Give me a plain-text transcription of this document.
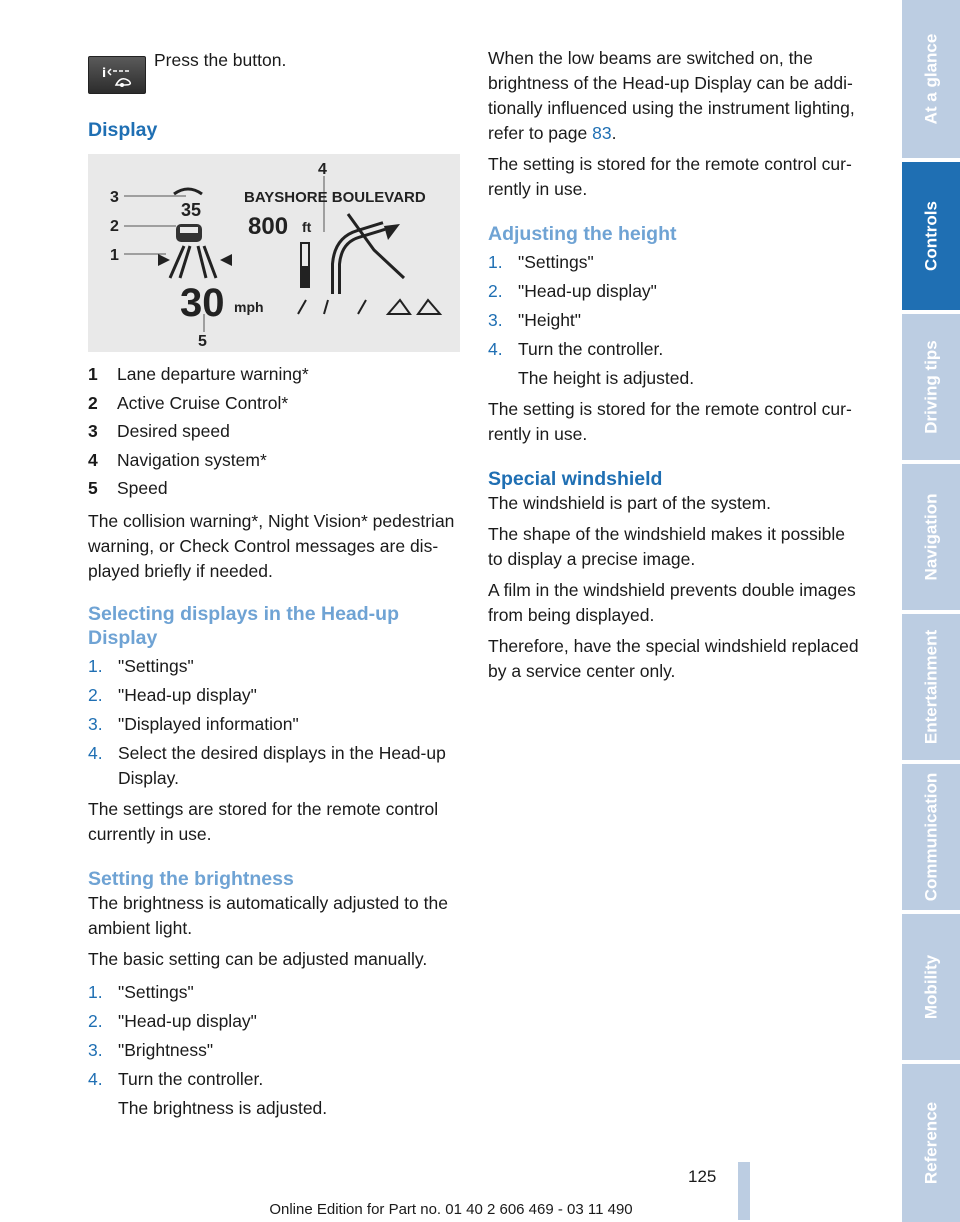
i
Press the button.
Display
3
2
1
4
5
35
30 mph
BAYSHORE BOULEVARD
800 ft
1	Lane departure warning*
2	Active Cruise Control*
3	Desired speed
4	Navigation system*
5	Speed

The collision warning*, Night Vision* pedestrian warning, or Check Control messages are displayed briefly if needed.

Selecting displays in the Head-up Display
1. "Settings"
2. "Head-up display"
3. "Displayed information"
4. Select the desired displays in the Head-up Display.

The settings are stored for the remote control currently in use.

Setting the brightness

The brightness is automatically adjusted to the ambient light.

The basic setting can be adjusted manually.

1. "Settings"
2. "Head-up display"
3. "Brightness"
4. Turn the controller.
The brightness is adjusted.

When the low beams are switched on, the brightness of the Head-up Display can be additionally influenced using the instrument lighting, refer to page 83.

The setting is stored for the remote control currently in use.

Adjusting the height
1. "Settings"
2. "Head-up display"
3. "Height"
4. Turn the controller.
The height is adjusted.

The setting is stored for the remote control currently in use.

Special windshield

The windshield is part of the system.

The shape of the windshield makes it possible to display a precise image.

A film in the windshield prevents double images from being displayed.

Therefore, have the special windshield replaced by a service center only.

At a glance
Controls
Driving tips
Navigation
Entertainment
Communication
Mobility
Reference
125
Online Edition for Part no. 01 40 2 606 469 - 03 11 490
